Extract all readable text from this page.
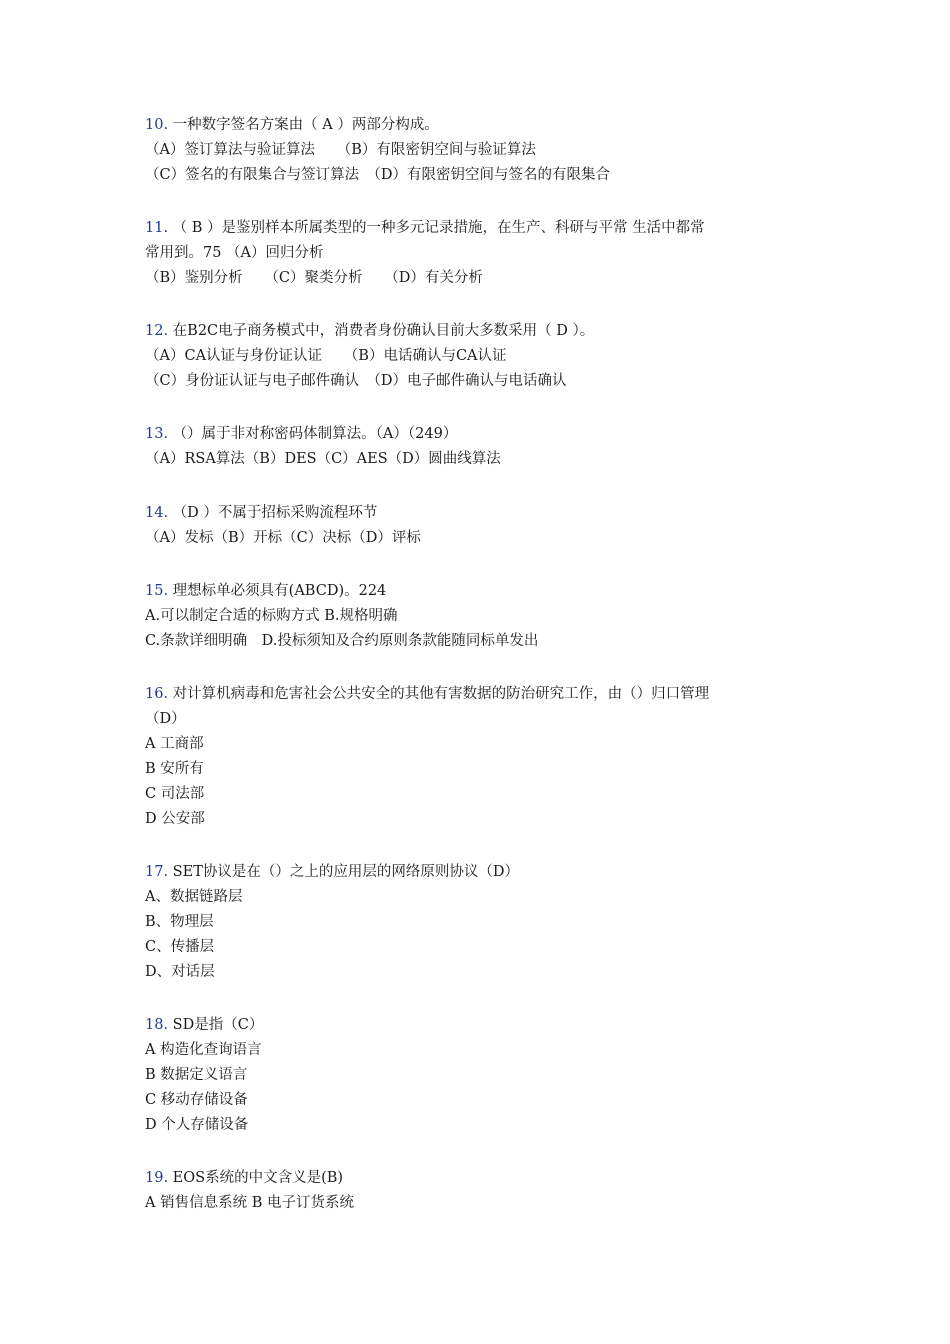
10. 一种数字签名方案由（ A ）两部分构成。
（A）签订算法与验证算法　　（B）有限密钥空间与验证算法
（C）签名的有限集合与签订算法　（D）有限密钥空间与签名的有限集合
11. （ B ）是鉴别样本所属类型的一种多元记录措施，在生产、科研与平常 生活中都常
常用到。75 （A）回归分析
（B）鉴别分析　　（C）聚类分析　　（D）有关分析
12. 在B2C电子商务模式中，消费者身份确认目前大多数采用（ D ）。
（A）CA认证与身份证认证　　（B）电话确认与CA认证
（C）身份证认证与电子邮件确认　（D）电子邮件确认与电话确认
13. （）属于非对称密码体制算法。（A）（249）
（A）RSA算法（B）DES（C）AES（D）圆曲线算法
14. （D ）不属于招标采购流程环节
（A）发标（B）开标（C）决标（D）评标
15. 理想标单必须具有(ABCD)。224
A.可以制定合适的标购方式 B.规格明确
C.条款详细明确　D.投标须知及合约原则条款能随同标单发出
16. 对计算机病毒和危害社会公共安全的其他有害数据的防治研究工作，由（）归口管理
（D）
A 工商部
B 安所有
C 司法部
D 公安部
17. SET协议是在（）之上的应用层的网络原则协议（D）
A、数据链路层
B、物理层
C、传播层
D、对话层
18. SD是指（C）
A 构造化查询语言
B 数据定义语言
C 移动存储设备
D 个人存储设备
19. EOS系统的中文含义是(B)
A 销售信息系统 B 电子订货系统
